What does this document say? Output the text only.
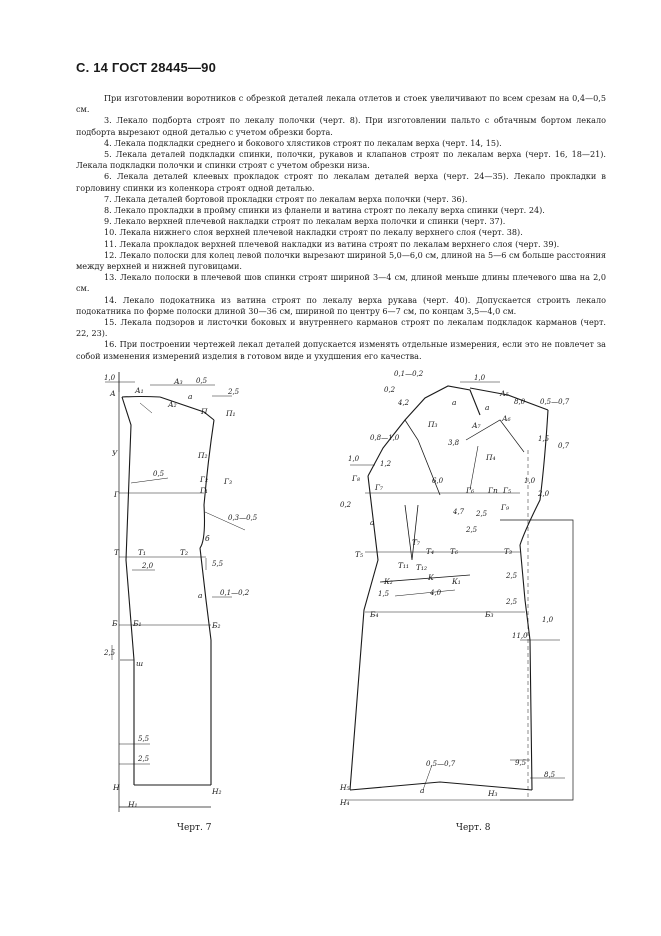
С. 14 ГОСТ 28445—90

При изготовлении воротников с обрезкой деталей лекала отлетов и стоек увеличивают по всем срезам на 0,4—0,5 см.

3. Лекало подборта строят по лекалу полочки (черт. 8). При изготовлении пальто с обтачным бортом лекало подборта вырезают одной деталью с учетом обрезки борта.

4. Лекала подкладки среднего и бокового хлястиков строят по лекалам верха (черт. 14, 15).

5. Лекала деталей подкладки спинки, полочки, рукавов и клапанов строят по лекалам верха (черт. 16, 18—21). Лекала подкладки полочки и спинки строят с учетом обрезки низа.

6. Лекала деталей клеевых прокладок строят по лекалам деталей верха (черт. 24—35). Лекало прокладки в горловину спинки из коленкора строят одной деталью.

7. Лекала деталей бортовой прокладки строят по лекалам верха полочки (черт. 36).

8. Лекало прокладки в пройму спинки из фланели и ватина строят по лекалу верха спинки (черт. 24).

9. Лекало верхней плечевой накладки строят по лекалам верха полочки и спинки (черт. 37).

10. Лекала нижнего слоя верхней плечевой накладки строят по лекалу верхнего слоя (черт. 38).

11. Лекала прокладок верхней плечевой накладки из ватина строят по лекалам верхнего слоя (черт. 39).

12. Лекало полоски для колец левой полочки вырезают шириной 5,0—6,0 см, длиной на 5—6 см больше расстояния между верхней и нижней пуговицами.

13. Лекало полоски в плечевой шов спинки строят шириной 3—4 см, длиной меньше длины плечевого шва на 2,0 см.

14. Лекало подокатника из ватина строят по лекалу верха рукава (черт. 40). Допускается строить лекало подокатника по форме полоски длиной 30—36 см, шириной по центру 6—7 см, по концам 3,5—4,0 см.

15. Лекала подзоров и листочки боковых и внутреннего карманов строят по лекалам подкладок карманов (черт. 22, 23).

16. При построении чертежей лекал деталей допускается изменять отдельные измерения, если это не повлечет за собой изменения измерений изделия в готовом виде и ухудшения его качества.

А	А₁
А₂
А₃
a
П П₁
П₂
У
Г	Г₁
Г₂ Г₃
Т	Т₁	Т₂
б
a
Б Б₁	Б₂
ш
Н
Н₁
Н₂
1,0	0,5
2,5
0,5
0,3—0,5
2,0	5,5
0,1—0,2
2,5
5,5
2,5
А₅
А₆
А₇
a
П₃
П₄
Г₆
Г₇
Г₈
Г₉
Гп Г₅
Т₃
Т₄
Т₅	Т₆
Т₇
Т₁₁ Т₁₂
К К₁
К₂
Б₃
Б₄
Н₃
Н₄
Н₅
a
a
a
0,1—0,2	1,0
0,2
4,2	8,0 0,5—0,7
1,5
0,7
0,8—1,0
3,8
1,0
1,2
0,2
4,7
6,0
2,5
1,0
2,0
2,5
2,5
4,0
1,5
2,5
1,0
11,0
9,5
8,5
0,5—0,7
Черт. 7	Черт. 8
